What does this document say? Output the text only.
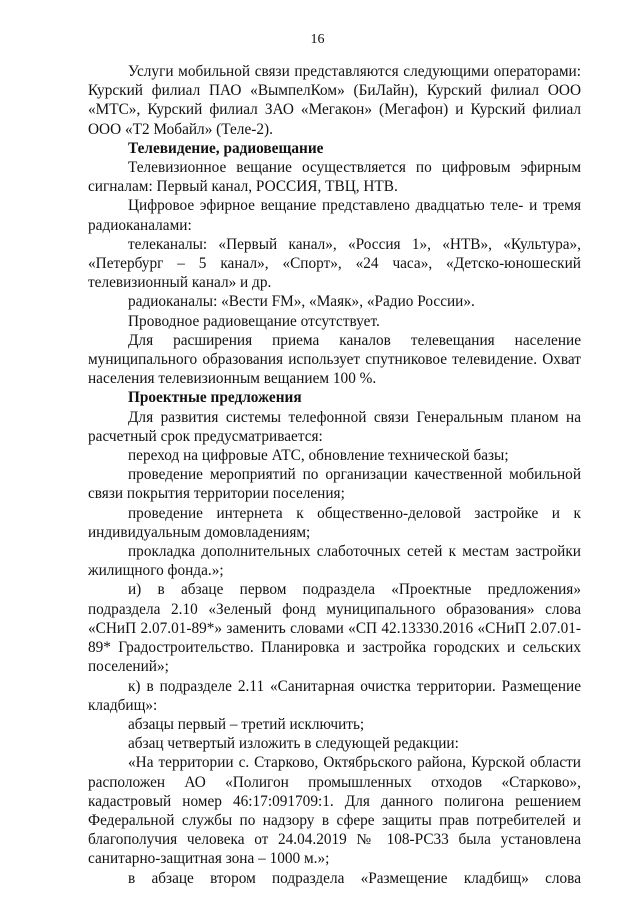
16

Услуги мобильной связи представляются следующими операторами: Курский филиал ПАО «ВымпелКом» (БиЛайн), Курский филиал ООО «МТС», Курский филиал ЗАО «Мегакон» (Мегафон) и Курский филиал ООО «Т2 Мобайл» (Теле-2).

Телевидение, радиовещание

Телевизионное вещание осуществляется по цифровым эфирным сигналам: Первый канал, РОССИЯ, ТВЦ, НТВ.

Цифровое эфирное вещание представлено двадцатью теле- и тремя радиоканалами:

телеканалы: «Первый канал», «Россия 1», «НТВ», «Культура», «Петербург – 5 канал», «Спорт», «24 часа», «Детско-юношеский телевизионный канал» и др.

радиоканалы: «Вести FM», «Маяк», «Радио России».

Проводное радиовещание отсутствует.

Для расширения приема каналов телевещания население муниципального образования использует спутниковое телевидение. Охват населения телевизионным вещанием 100 %.

Проектные предложения

Для развития системы телефонной связи Генеральным планом на расчетный срок предусматривается:

переход на цифровые АТС, обновление технической базы;

проведение мероприятий по организации качественной мобильной связи покрытия территории поселения;

проведение интернета к общественно-деловой застройке и к индивидуальным домовладениям;

прокладка дополнительных слаботочных сетей к местам застройки жилищного фонда.»;

и) в абзаце первом подраздела «Проектные предложения» подраздела 2.10 «Зеленый фонд муниципального образования» слова «СНиП 2.07.01-89*» заменить словами «СП 42.13330.2016 «СНиП 2.07.01-89* Градостроительство. Планировка и застройка городских и сельских поселений»;

к) в подразделе 2.11 «Санитарная очистка территории. Размещение кладбищ»:

абзацы первый – третий исключить;

абзац четвертый изложить в следующей редакции:

«На территории с. Старково, Октябрьского района, Курской области расположен АО «Полигон промышленных отходов «Старково», кадастровый номер 46:17:091709:1. Для данного полигона решением Федеральной службы по надзору в сфере защиты прав потребителей и благополучия человека от 24.04.2019 № 108-РС33 была установлена санитарно-защитная зона – 1000 м.»;

в абзаце втором подраздела «Размещение кладбищ» слова
